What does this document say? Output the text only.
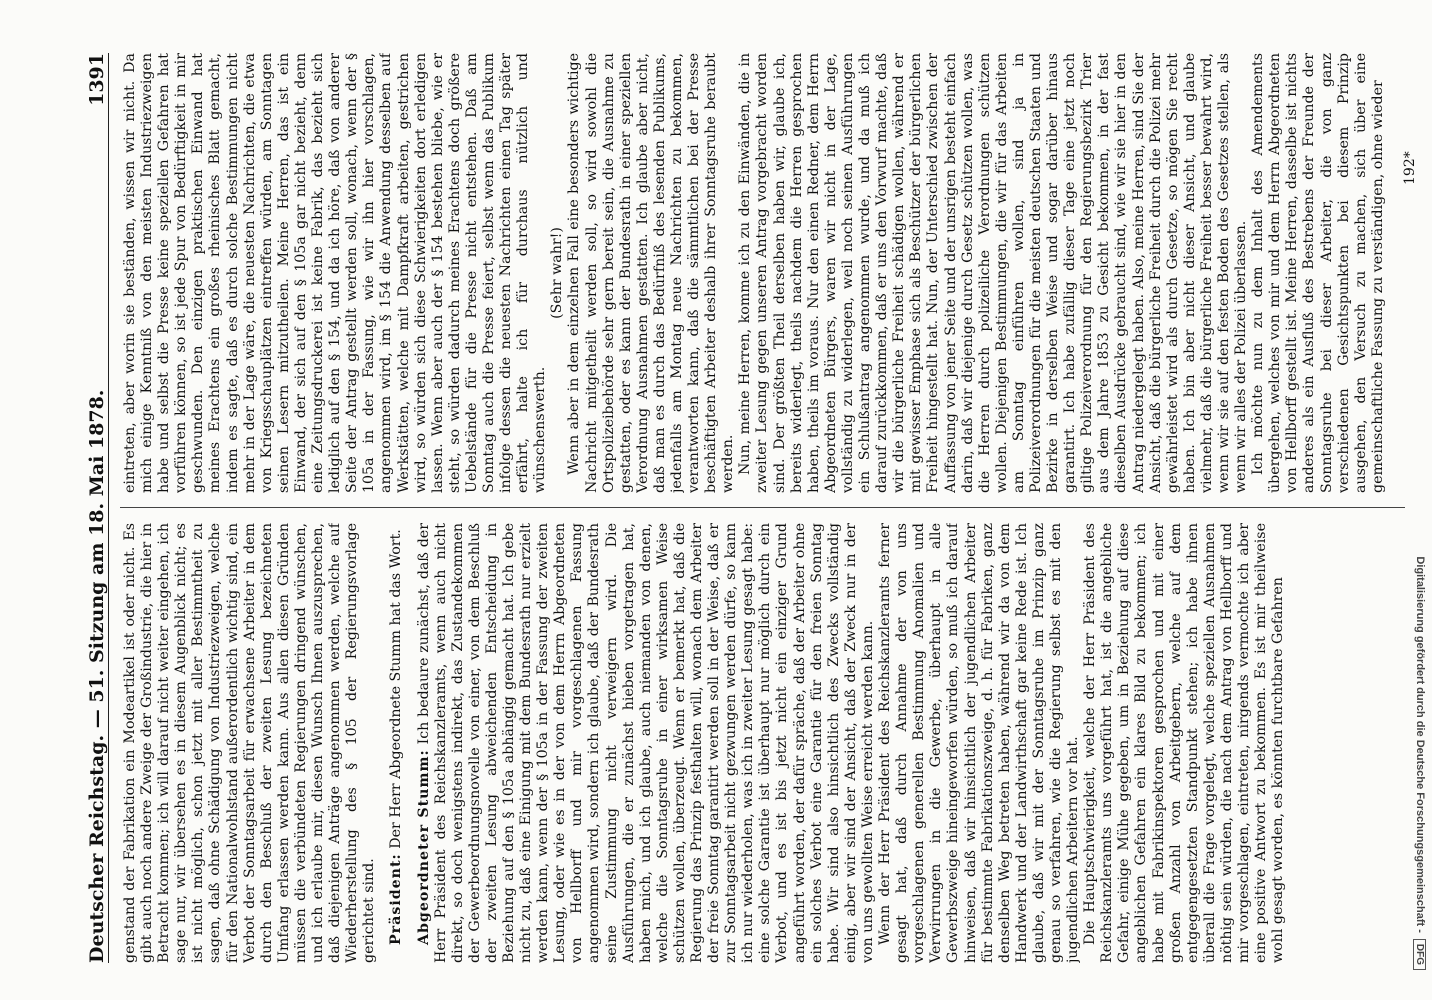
Deutscher Reichstag. — 51. Sitzung am 18. Mai 1878.
1391

genstand der Fabrikation ein Modeartikel ist oder nicht. Es gibt auch noch andere Zweige der Großindustrie, die hier in Betracht kommen; ich will darauf nicht weiter eingehen, ich sage nur, wir übersehen es in diesem Augenblick nicht; es ist nicht möglich, schon jetzt mit aller Bestimmtheit zu sagen, daß ohne Schädigung von Industriezweigen, welche für den Nationalwohlstand außerordentlich wichtig sind, ein Verbot der Sonntagsarbeit für erwachsene Arbeiter in dem durch den Beschluß der zweiten Lesung bezeichneten Umfang erlassen werden kann. Aus allen diesen Gründen müssen die verbündeten Regierungen dringend wünschen, und ich erlaube mir, diesen Wunsch Ihnen auszusprechen, daß diejenigen Anträge angenommen werden, welche auf Wiederherstellung des § 105 der Regierungsvorlage gerichtet sind. Präsident: Der Herr Abgeordnete Stumm hat das Wort. Abgeordneter Stumm: Ich bedaure zunächst, daß der Herr Präsident des Reichskanzleramts, wenn auch nicht direkt, so doch wenigstens indirekt, das Zustandekommen der Gewerbeordnungsnovelle von einer, von dem Beschluß der zweiten Lesung abweichenden Entscheidung in Beziehung auf den § 105a abhängig gemacht hat. Ich gebe nicht zu, daß eine Einigung mit dem Bundesrath nur erzielt werden kann, wenn der § 105a in der Fassung der zweiten Lesung, oder wie es in der von dem Herrn Abgeordneten von Hellborff und mir vorgeschlagenen Fassung angenommen wird, sondern ich glaube, daß der Bundesrath seine Zustimmung nicht verweigern wird. Die Ausführungen, die er zunächst hieben vorgetragen hat, haben mich, und ich glaube, auch niemanden von denen, welche die Sonntagsruhe in einer wirksamen Weise schützen wollen, überzeugt. Wenn er bemerkt hat, daß die Regierung das Prinzip festhalten will, wonach dem Arbeiter der freie Sonntag garantirt werden soll in der Weise, daß er zur Sonntagsarbeit nicht gezwungen werden dürfe, so kann ich nur wiederholen, was ich in zweiter Lesung gesagt habe: eine solche Garantie ist überhaupt nur möglich durch ein Verbot, und es ist bis jetzt nicht ein einziger Grund angeführt worden, der dafür spräche, daß der Arbeiter ohne ein solches Verbot eine Garantie für den freien Sonntag habe. Wir sind also hinsichtlich des Zwecks vollständig einig, aber wir sind der Ansicht, daß der Zweck nur in der von uns gewollten Weise erreicht werden kann. Wenn der Herr Präsident des Reichskanzleramts ferner gesagt hat, daß durch Annahme der von uns vorgeschlagenen generellen Bestimmung Anomalien und Verwirrungen in die Gewerbe, überhaupt in alle Gewerbszweige hineingeworfen würden, so muß ich darauf hinweisen, daß wir hinsichtlich der jugendlichen Arbeiter für bestimmte Fabrikationszweige, d. h. für Fabriken, ganz denselben Weg betreten haben, während wir da von dem Handwerk und der Landwirthschaft gar keine Rede ist. Ich glaube, daß wir mit der Sonntagsruhe im Prinzip ganz genau so verfahren, wie die Regierung selbst es mit den jugendlichen Arbeitern vor hat. Die Hauptschwierigkeit, welche der Herr Präsident des Reichskanzleramts uns vorgeführt hat, ist die angebliche Gefahr, einige Mühe gegeben, um in Beziehung auf diese angeblichen Gefahren ein klares Bild zu bekommen; ich habe mit Fabrikinspektoren gesprochen und mit einer großen Anzahl von Arbeitgebern, welche auf dem entgegengesetzten Standpunkt stehen; ich habe ihnen überall die Frage vorgelegt, welche speziellen Ausnahmen nöthig sein würden, die nach dem Antrag von Hellborff und mir vorgeschlagen, eintreten, nirgends vermochte ich aber eine positive Antwort zu bekommen. Es ist mir theilweise wohl gesagt worden, es könnten furchtbare Gefahren

eintreten, aber worin sie beständen, wissen wir nicht. Da mich einige Kenntniß von den meisten Industriezweigen habe und selbst die Presse keine speziellen Gefahren hat vorführen können, so ist jede Spur von Bedürftigkeit in mir geschwunden. Den einzigen praktischen Einwand hat meines Erachtens ein großes rheinisches Blatt gemacht, indem es sagte, daß es durch solche Bestimmungen nicht mehr in der Lage wäre, die neuesten Nachrichten, die etwa von Kriegsschauplätzen eintreffen würden, am Sonntagen seinen Lesern mitzutheilen. Meine Herren, das ist ein Einwand, der sich auf den § 105a gar nicht bezieht, denn eine Zeitungsdruckerei ist keine Fabrik, das bezieht sich lediglich auf den § 154, und da ich höre, daß von anderer Seite der Antrag gestellt werden soll, wonach, wenn der § 105a in der Fassung, wie wir ihn hier vorschlagen, angenommen wird, im § 154 die Anwendung desselben auf Werkstätten, welche mit Dampfkraft arbeiten, gestrichen wird, so würden sich diese Schwierigkeiten dort erledigen lassen. Wenn aber auch der § 154 bestehen bliebe, wie er steht, so würden dadurch meines Erachtens doch größere Uebelstände für die Presse nicht entstehen. Daß am Sonntag auch die Presse feiert, selbst wenn das Publikum infolge dessen die neuesten Nachrichten einen Tag später erfährt, halte ich für durchaus nützlich und wünschenswerth.

(Sehr wahr!) Wenn aber in dem einzelnen Fall eine besonders wichtige Nachricht mitgetheilt werden soll, so wird sowohl die Ortspolizeibehörde sehr gern bereit sein, die Ausnahme zu gestatten, oder es kann der Bundesrath in einer speziellen Verordnung Ausnahmen gestatten. Ich glaube aber nicht, daß man es durch das Bedürfniß des lesenden Publikums, jedenfalls am Montag neue Nachrichten zu bekommen, verantworten kann, daß die sämmtlichen bei der Presse beschäftigten Arbeiter deshalb ihrer Sonntagsruhe beraubt werden. Nun, meine Herren, komme ich zu den Einwänden, die in zweiter Lesung gegen unseren Antrag vorgebracht worden sind. Der größten Theil derselben haben wir, glaube ich, bereits widerlegt, theils nachdem die Herren gesprochen haben, theils im voraus. Nur den einen Redner, dem Herrn Abgeordneten Bürgers, waren wir nicht in der Lage, vollständig zu widerlegen, weil noch seinen Ausführungen ein Schlußantrag angenommen wurde, und da muß ich darauf zurückkommen, daß er uns den Vorwurf machte, daß wir die bürgerliche Freiheit schädigen wollen, während er mit gewisser Emphase sich als Beschützer der bürgerlichen Freiheit hingestellt hat. Nun, der Unterschied zwischen der Auffassung von jener Seite und der unsrigen besteht einfach darin, daß wir diejenige durch Gesetz schützen wollen, was die Herren durch polizeiliche Verordnungen schützen wollen. Diejenigen Bestimmungen, die wir für das Arbeiten am Sonntag einführen wollen, sind ja in Polizeiverordnungen für die meisten deutschen Staaten und Bezirke in derselben Weise und sogar darüber hinaus garantirt. Ich habe zufällig dieser Tage eine jetzt noch giltige Polizeiverordnung für den Regierungsbezirk Trier aus dem Jahre 1853 zu Gesicht bekommen, in der fast dieselben Ausdrücke gebraucht sind, wie wir sie hier in den Antrag niedergelegt haben. Also, meine Herren, sind Sie der Ansicht, daß die bürgerliche Freiheit durch die Polizei mehr gewährleistet wird als durch Gesetze, so mögen Sie recht haben. Ich bin aber nicht dieser Ansicht, und glaube vielmehr, daß die bürgerliche Freiheit besser bewahrt wird, wenn wir sie auf den festen Boden des Gesetzes stellen, als wenn wir alles der Polizei überlassen. Ich möchte nun zu dem Inhalt des Amendements übergehen, welches von mir und dem Herrn Abgeordneten von Hellborff gestellt ist. Meine Herren, dasselbe ist nichts anderes als ein Ausfluß des Bestrebens der Freunde der Sonntagsruhe bei dieser Arbeiter, die von ganz verschiedenen Gesichtspunkten bei diesem Prinzip ausgehen, den Versuch zu machen, sich über eine gemeinschaftliche Fassung zu verständigen, ohne wieder 192*
Digitalisierung gefördert durch die Deutsche Forschungsgemeinschaft -
DFG
